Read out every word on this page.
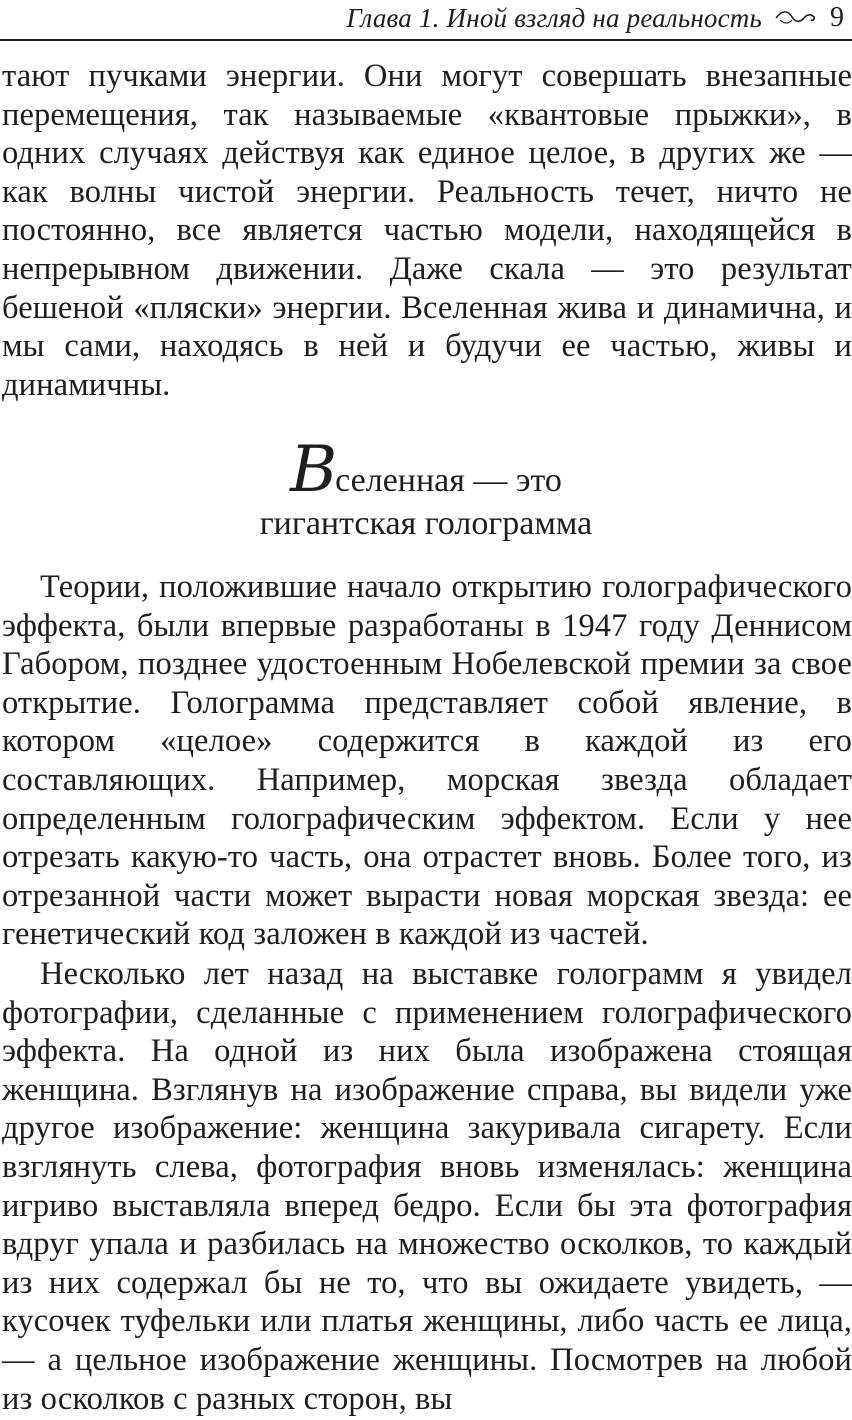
Глава 1. Иной взгляд на реальность 9

тают пучками энергии. Они могут совершать внезапные перемещения, так называемые «квантовые прыжки», в одних случаях действуя как единое целое, в других же — как волны чистой энергии. Реальность течет, ничто не постоянно, все является частью модели, находящейся в непрерывном движении. Даже скала — это результат бешеной «пляски» энергии. Вселенная жива и динамична, и мы сами, находясь в ней и будучи ее частью, живы и динамичны.

Вселенная — это
гигантская голограмма

Теории, положившие начало открытию голографического эффекта, были впервые разработаны в 1947 году Деннисом Габором, позднее удостоенным Нобелевской премии за свое открытие. Голограмма представляет собой явление, в котором «целое» содержится в каждой из его составляющих. Например, морская звезда обладает определенным голографическим эффектом. Если у нее отрезать какую-то часть, она отрастет вновь. Более того, из отрезанной части может вырасти новая морская звезда: ее генетический код заложен в каждой из частей.

Несколько лет назад на выставке голограмм я увидел фотографии, сделанные с применением голографического эффекта. На одной из них была изображена стоящая женщина. Взглянув на изображение справа, вы видели уже другое изображение: женщина закуривала сигарету. Если взглянуть слева, фотография вновь изменялась: женщина игриво выставляла вперед бедро. Если бы эта фотография вдруг упала и разбилась на множество осколков, то каждый из них содержал бы не то, что вы ожидаете увидеть, — кусочек туфельки или платья женщины, либо часть ее лица, — а цельное изображение женщины. Посмотрев на любой из осколков с разных сторон, вы
